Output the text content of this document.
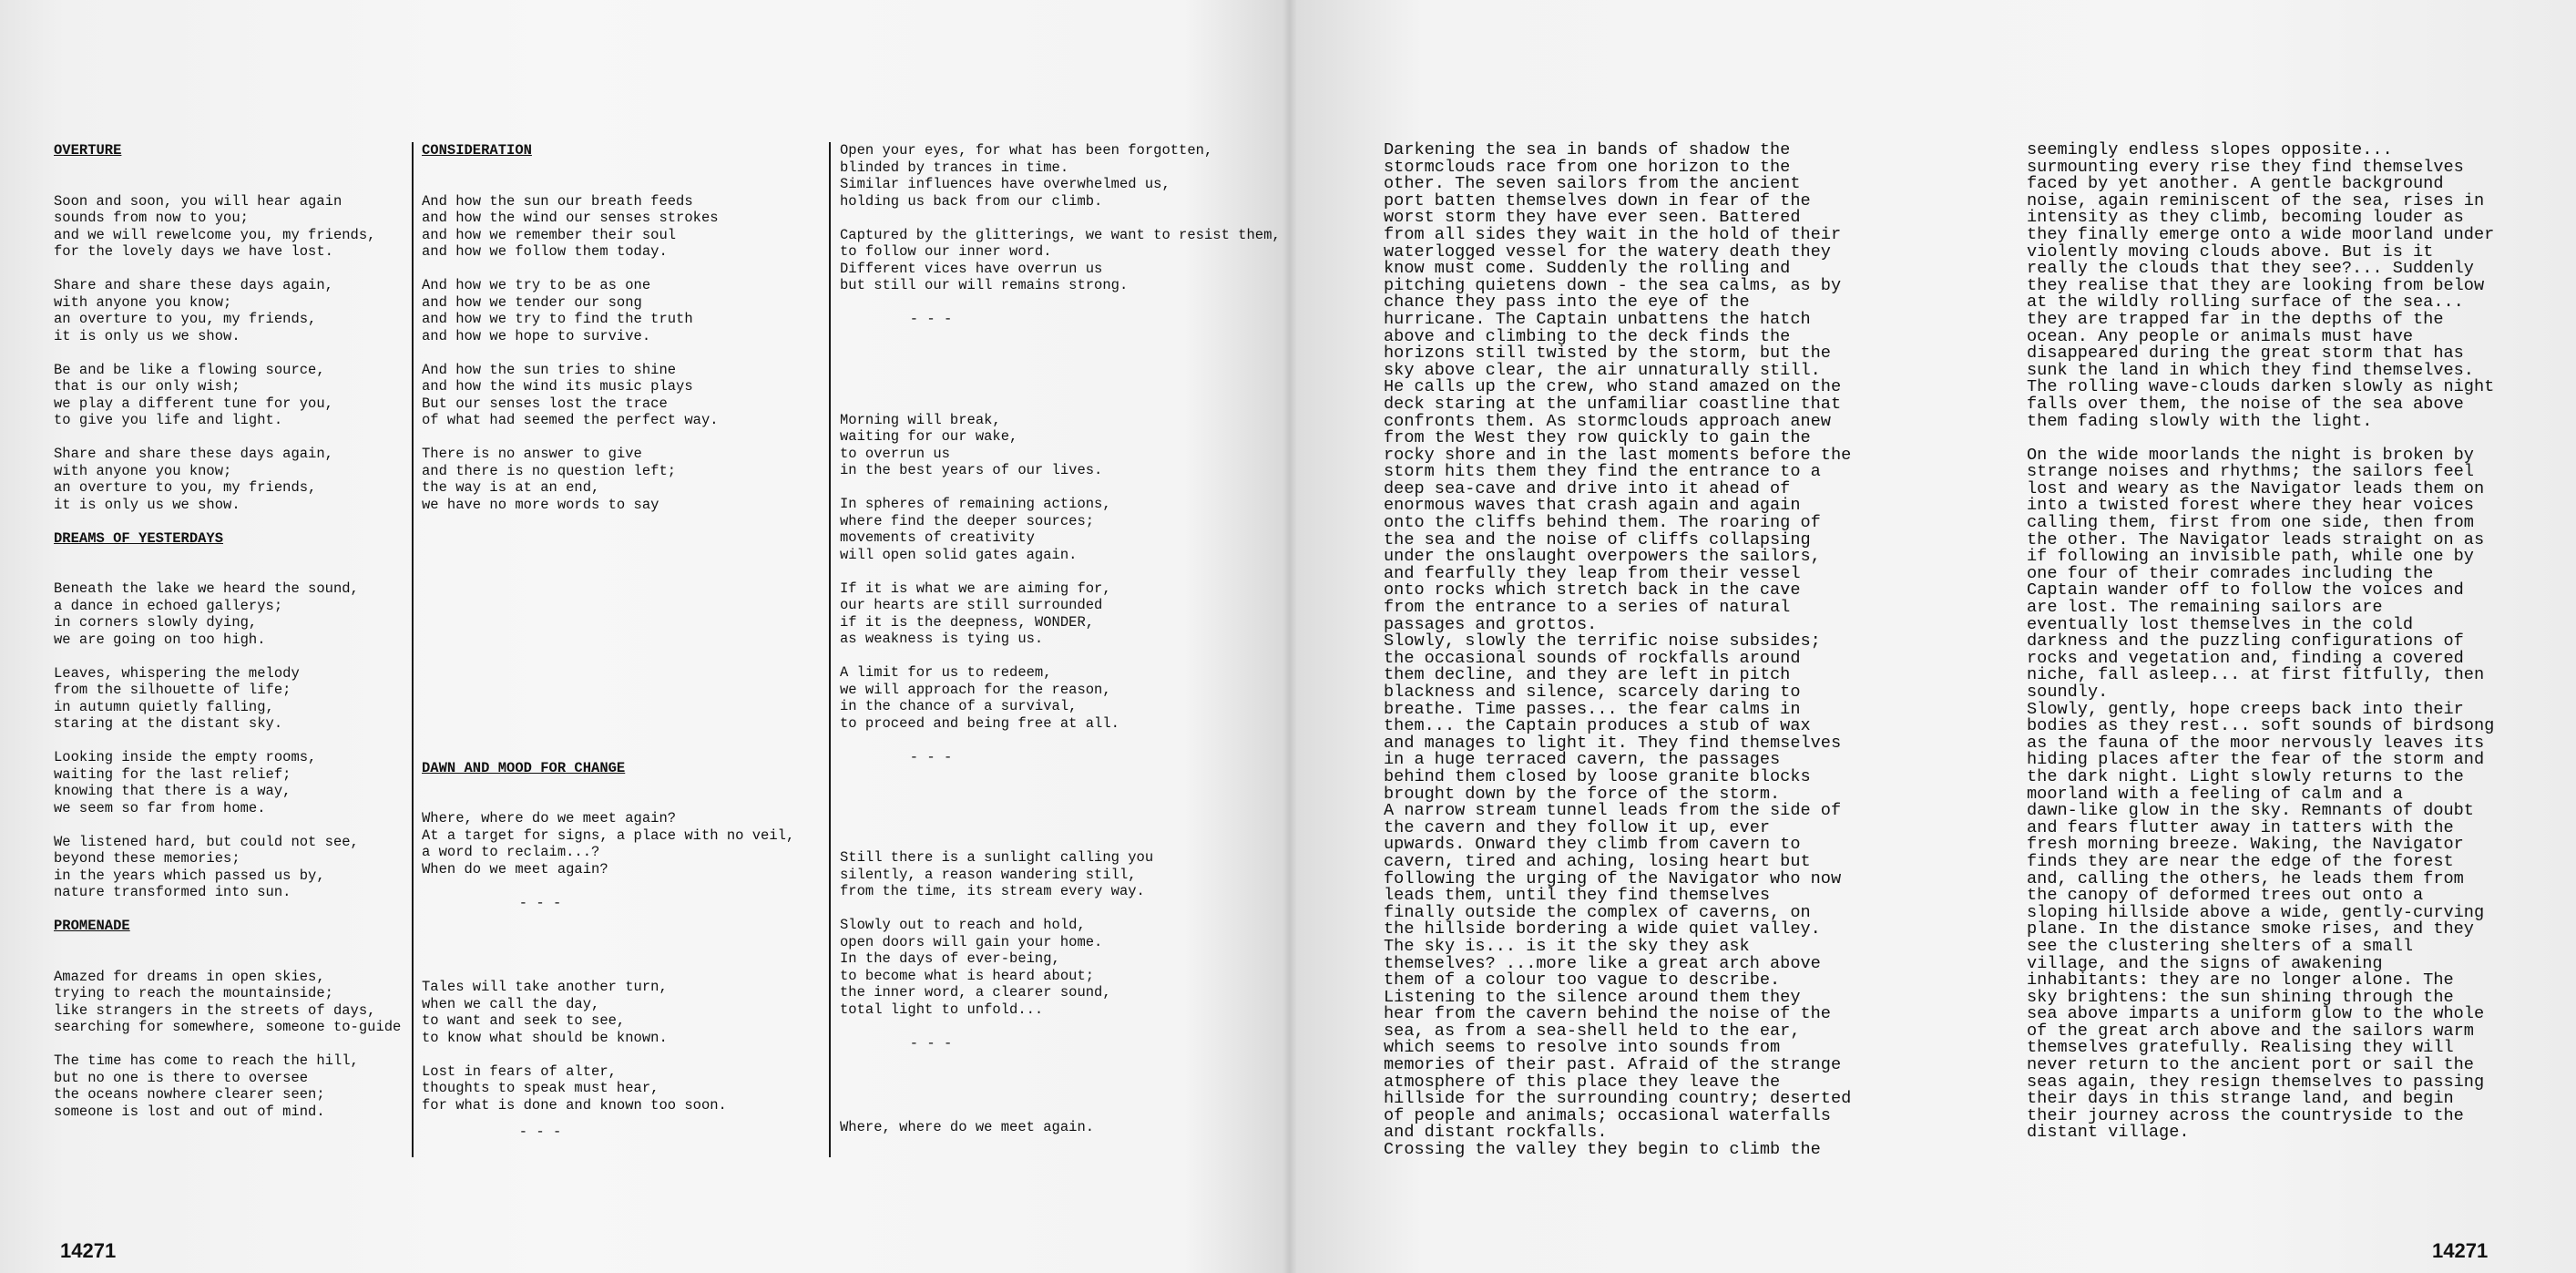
OVERTURE

Soon and soon, you will hear again

sounds from now to you;

and we will rewelcome you, my friends,

for the lovely days we have lost.

Share and share these days again,

with anyone you know;

an overture to you, my friends,

it is only us we show.

Be and be like a flowing source,

that is our only wish;

we play a different tune for you,

to give you life and light.

Share and share these days again,

with anyone you know;

an overture to you, my friends,

it is only us we show.

DREAMS OF YESTERDAYS

Beneath the lake we heard the sound,

a dance in echoed gallerys;

in corners slowly dying,

we are going on too high.

Leaves, whispering the melody

from the silhouette of life;

in autumn quietly falling,

staring at the distant sky.

Looking inside the empty rooms,

waiting for the last relief;

knowing that there is a way,

we seem so far from home.

We listened hard, but could not see,

beyond these memories;

in the years which passed us by,

nature transformed into sun.

PROMENADE

Amazed for dreams in open skies,

trying to reach the mountainside;

like strangers in the streets of days,

searching for somewhere, someone to-guide

The time has come to reach the hill,

but no one is there to oversee

the oceans nowhere clearer seen;

someone is lost and out of mind.

CONSIDERATION

And how the sun our breath feeds

and how the wind our senses strokes

and how we remember their soul

and how we follow them today.

And how we try to be as one

and how we tender our song

and how we try to find the truth

and how we hope to survive.

And how the sun tries to shine

and how the wind its music plays

But our senses lost the trace

of what had seemed the perfect way.

There is no answer to give

and there is no question left;

the way is at an end,

we have no more words to say

DAWN AND MOOD FOR CHANGE

Where, where do we meet again?

At a target for signs, a place with no veil,

a word to reclaim...?

When do we meet again?

- - -

Tales will take another turn,

when we call the day,

to want and seek to see,

to know what should be known.

Lost in fears of alter,

thoughts to speak must hear,

for what is done and known too soon.

- - -

Open your eyes, for what has been forgotten,

blinded by trances in time.

Similar influences have overwhelmed us,

holding us back from our climb.

Captured by the glitterings, we want to resist them,

to follow our inner word.

Different vices have overrun us

but still our will remains strong.

- - -

Morning will break,

waiting for our wake,

to overrun us

in the best years of our lives.

In spheres of remaining actions,

where find the deeper sources;

movements of creativity

will open solid gates again.

If it is what we are aiming for,

our hearts are still surrounded

if it is the deepness, WONDER,

as weakness is tying us.

A limit for us to redeem,

we will approach for the reason,

in the chance of a survival,

to proceed and being free at all.

- - -

Still there is a sunlight calling you

silently, a reason wandering still,

from the time, its stream every way.

Slowly out to reach and hold,

open doors will gain your home.

In the days of ever-being,

to become what is heard about;

the inner word, a clearer sound,

total light to unfold...

- - -

Where, where do we meet again.

14271

Darkening the sea in bands of shadow the

stormclouds race from one horizon to the

other. The seven sailors from the ancient

port batten themselves down in fear of the

worst storm they have ever seen. Battered

from all sides they wait in the hold of their

waterlogged vessel for the watery death they

know must come. Suddenly the rolling and

pitching quietens down - the sea calms, as by

chance they pass into the eye of the

hurricane. The Captain unbattens the hatch

above and climbing to the deck finds the

horizons still twisted by the storm, but the

sky above clear, the air unnaturally still.

He calls up the crew, who stand amazed on the

deck staring at the unfamiliar coastline that

confronts them. As stormclouds approach anew

from the West they row quickly to gain the

rocky shore and in the last moments before the

storm hits them they find the entrance to a

deep sea-cave and drive into it ahead of

enormous waves that crash again and again

onto the cliffs behind them. The roaring of

the sea and the noise of cliffs collapsing

under the onslaught overpowers the sailors,

and fearfully they leap from their vessel

onto rocks which stretch back in the cave

from the entrance to a series of natural

passages and grottos.

Slowly, slowly the terrific noise subsides;

the occasional sounds of rockfalls around

them decline, and they are left in pitch

blackness and silence, scarcely daring to

breathe. Time passes... the fear calms in

them... the Captain produces a stub of wax

and manages to light it. They find themselves

in a huge terraced cavern, the passages

behind them closed by loose granite blocks

brought down by the force of the storm.

A narrow stream tunnel leads from the side of

the cavern and they follow it up, ever

upwards. Onward they climb from cavern to

cavern, tired and aching, losing heart but

following the urging of the Navigator who now

leads them, until they find themselves

finally outside the complex of caverns, on

the hillside bordering a wide quiet valley.

The sky is... is it the sky they ask

themselves? ...more like a great arch above

them of a colour too vague to describe.

Listening to the silence around them they

hear from the cavern behind the noise of the

sea, as from a sea-shell held to the ear,

which seems to resolve into sounds from

memories of their past. Afraid of the strange

atmosphere of this place they leave the

hillside for the surrounding country; deserted

of people and animals; occasional waterfalls

and distant rockfalls.

Crossing the valley they begin to climb the

seemingly endless slopes opposite...

surmounting every rise they find themselves

faced by yet another. A gentle background

noise, again reminiscent of the sea, rises in

intensity as they climb, becoming louder as

they finally emerge onto a wide moorland under

violently moving clouds above. But is it

really the clouds that they see?... Suddenly

they realise that they are looking from below

at the wildly rolling surface of the sea...

they are trapped far in the depths of the

ocean. Any people or animals must have

disappeared during the great storm that has

sunk the land in which they find themselves.

The rolling wave-clouds darken slowly as night

falls over them, the noise of the sea above

them fading slowly with the light.

On the wide moorlands the night is broken by

strange noises and rhythms; the sailors feel

lost and weary as the Navigator leads them on

into a twisted forest where they hear voices

calling them, first from one side, then from

the other. The Navigator leads straight on as

if following an invisible path, while one by

one four of their comrades including the

Captain wander off to follow the voices and

are lost. The remaining sailors are

eventually lost themselves in the cold

darkness and the puzzling configurations of

rocks and vegetation and, finding a covered

niche, fall asleep... at first fitfully, then

soundly.

Slowly, gently, hope creeps back into their

bodies as they rest... soft sounds of birdsong

as the fauna of the moor nervously leaves its

hiding places after the fear of the storm and

the dark night. Light slowly returns to the

moorland with a feeling of calm and a

dawn-like glow in the sky. Remnants of doubt

and fears flutter away in tatters with the

fresh morning breeze. Waking, the Navigator

finds they are near the edge of the forest

and, calling the others, he leads them from

the canopy of deformed trees out onto a

sloping hillside above a wide, gently-curving

plane. In the distance smoke rises, and they

see the clustering shelters of a small

village, and the signs of awakening

inhabitants: they are no longer alone. The

sky brightens: the sun shining through the

sea above imparts a uniform glow to the whole

of the great arch above and the sailors warm

themselves gratefully. Realising they will

never return to the ancient port or sail the

seas again, they resign themselves to passing

their days in this strange land, and begin

their journey across the countryside to the

distant village.

14271
